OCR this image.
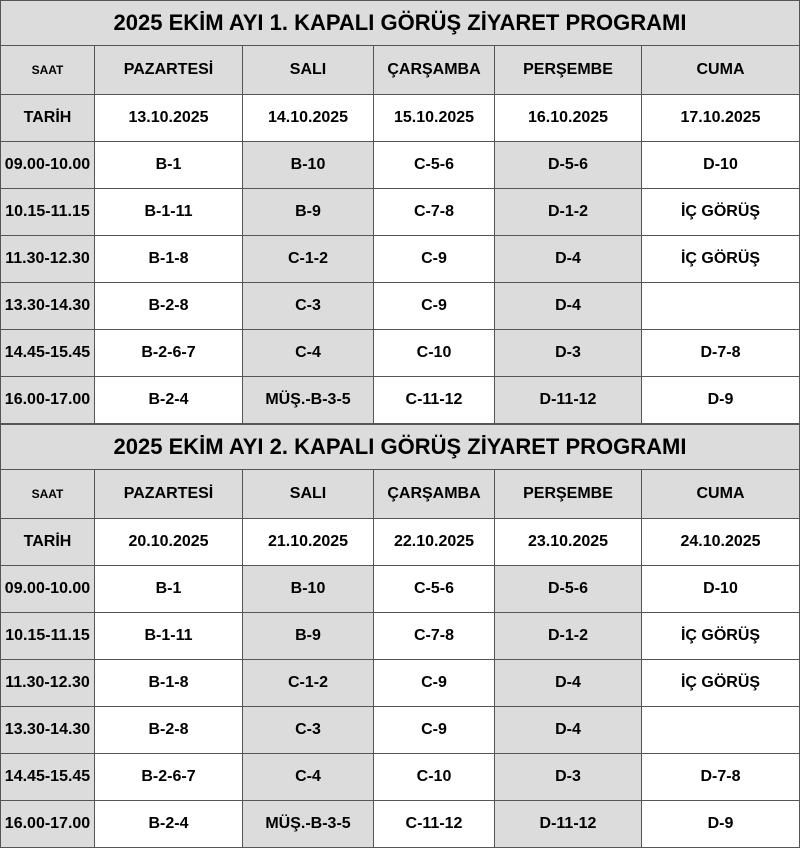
2025 EKİM AYI 1. KAPALI GÖRÜŞ ZİYARET PROGRAMI					
SAAT	PAZARTESİ	SALI	ÇARŞAMBA	PERŞEMBE	CUMA
TARİH	13.10.2025	14.10.2025	15.10.2025	16.10.2025	17.10.2025
09.00-10.00	B-1	B-10	C-5-6	D-5-6	D-10
10.15-11.15	B-1-11	B-9	C-7-8	D-1-2	İÇ GÖRÜŞ
11.30-12.30	B-1-8	C-1-2	C-9	D-4	İÇ GÖRÜŞ
13.30-14.30	B-2-8	C-3	C-9	D-4	
14.45-15.45	B-2-6-7	C-4	C-10	D-3	D-7-8
16.00-17.00	B-2-4	MÜŞ.-B-3-5	C-11-12	D-11-12	D-9
2025 EKİM AYI 2. KAPALI GÖRÜŞ ZİYARET PROGRAMI					
SAAT	PAZARTESİ	SALI	ÇARŞAMBA	PERŞEMBE	CUMA
TARİH	20.10.2025	21.10.2025	22.10.2025	23.10.2025	24.10.2025
09.00-10.00	B-1	B-10	C-5-6	D-5-6	D-10
10.15-11.15	B-1-11	B-9	C-7-8	D-1-2	İÇ GÖRÜŞ
11.30-12.30	B-1-8	C-1-2	C-9	D-4	İÇ GÖRÜŞ
13.30-14.30	B-2-8	C-3	C-9	D-4	
14.45-15.45	B-2-6-7	C-4	C-10	D-3	D-7-8
16.00-17.00	B-2-4	MÜŞ.-B-3-5	C-11-12	D-11-12	D-9
